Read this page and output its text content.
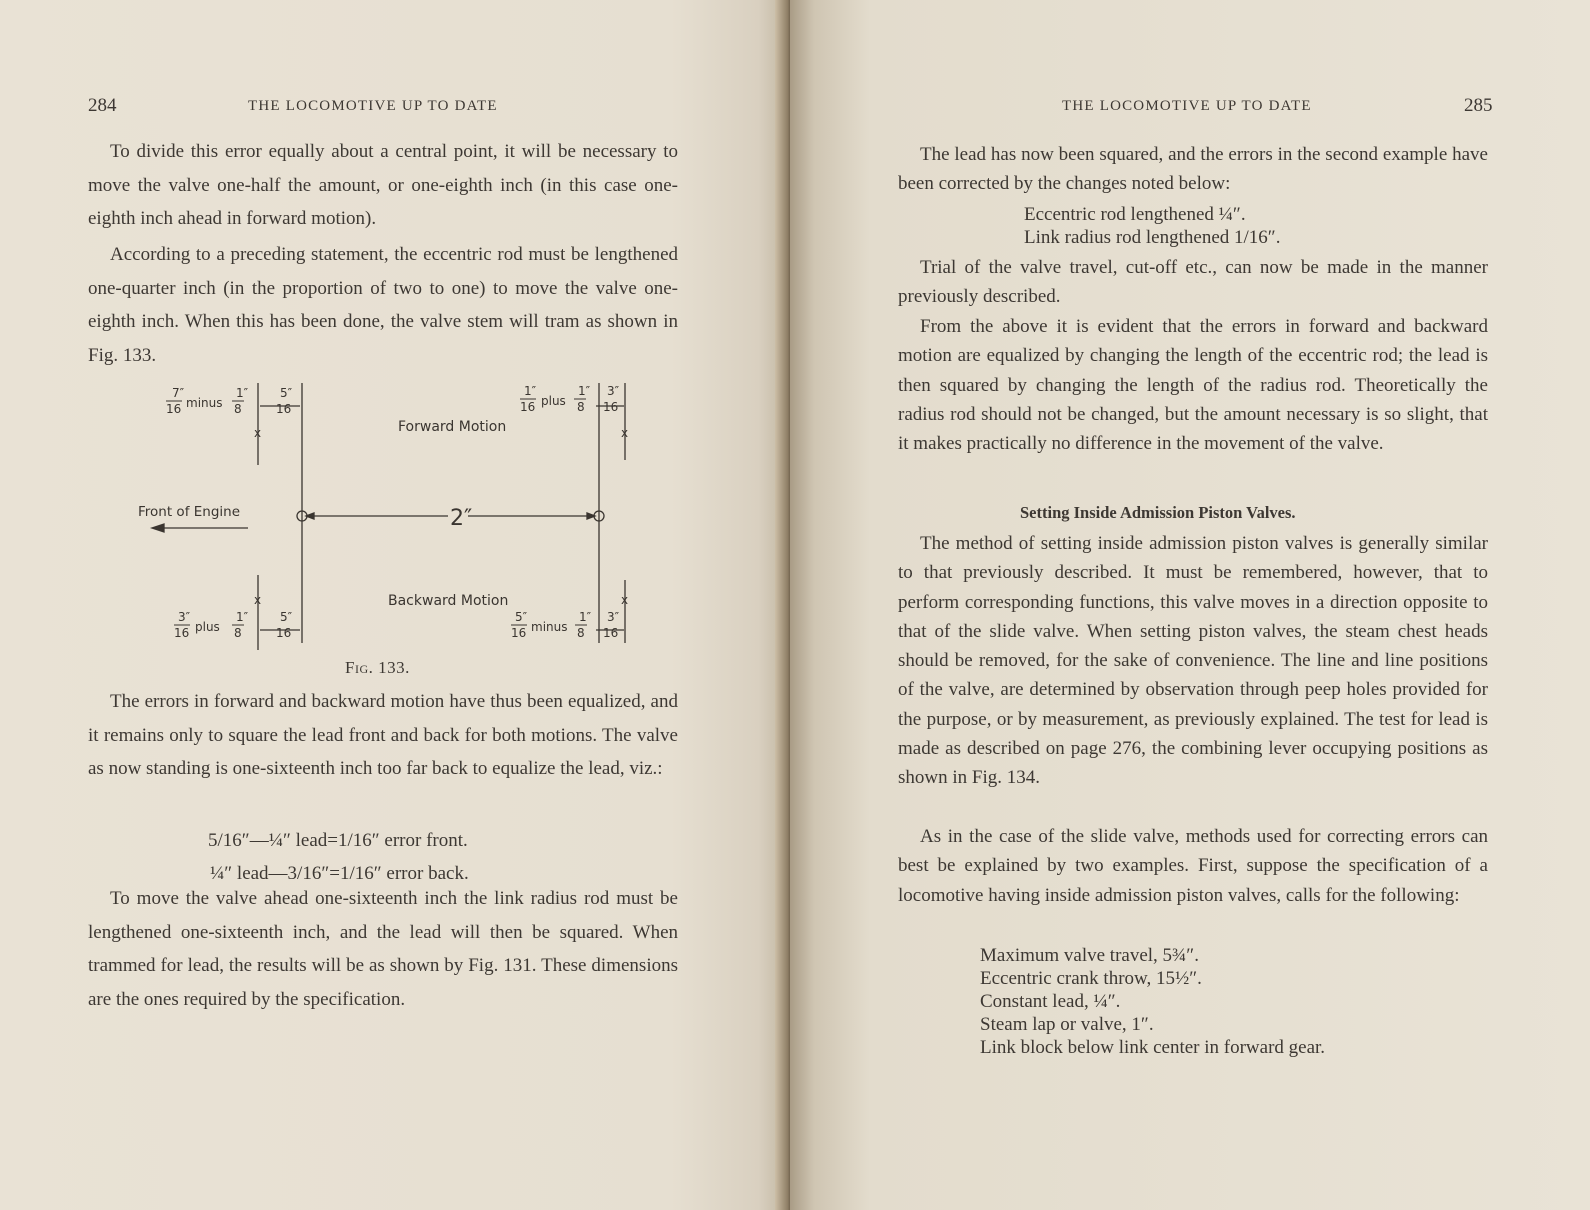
284	THE LOCOMOTIVE UP TO DATE

To divide this error equally about a central point, it will be necessary to move the valve one-half the amount, or one-eighth inch (in this case one-eighth inch ahead in forward motion).

According to a preceding statement, the eccentric rod must be lengthened one-quarter inch (in the proportion of two to one) to move the valve one-eighth inch. When this has been done, the valve stem will tram as shown in Fig. 133.

Forward Motion
Backward Motion
Front of Engine	2″
x	x
x	x
7″
16 minus
1″
8
5″
16
1″
16 plus
1″
8
3″
16
3″
16 plus
1″
8
5″
16
5″
16 minus
1″
8
3″
16
Fig. 133.

The errors in forward and backward motion have thus been equalized, and it remains only to square the lead front and back for both motions. The valve as now standing is one-sixteenth inch too far back to equalize the lead, viz.:

5/16″—¼″ lead=1/16″ error front.

¼″ lead—3/16″=1/16″ error back.

To move the valve ahead one-sixteenth inch the link radius rod must be lengthened one-sixteenth inch, and the lead will then be squared. When trammed for lead, the results will be as shown by Fig. 131. These dimensions are the ones required by the specification.

THE LOCOMOTIVE UP TO DATE	285

The lead has now been squared, and the errors in the second example have been corrected by the changes noted below:

Eccentric rod lengthened ¼″.
Link radius rod lengthened 1/16″.

Trial of the valve travel, cut-off etc., can now be made in the manner previously described.

From the above it is evident that the errors in forward and backward motion are equalized by changing the length of the eccentric rod; the lead is then squared by changing the length of the radius rod. Theoretically the radius rod should not be changed, but the amount necessary is so slight, that it makes practically no difference in the movement of the valve.

Setting Inside Admission Piston Valves.

The method of setting inside admission piston valves is generally similar to that previously described. It must be remembered, however, that to perform corresponding functions, this valve moves in a direction opposite to that of the slide valve. When setting piston valves, the steam chest heads should be removed, for the sake of convenience. The line and line positions of the valve, are determined by observation through peep holes provided for the purpose, or by measurement, as previously explained. The test for lead is made as described on page 276, the combining lever occupying positions as shown in Fig. 134.

As in the case of the slide valve, methods used for correcting errors can best be explained by two examples. First, suppose the specification of a locomotive having inside admission piston valves, calls for the following:

Maximum valve travel, 5¾″.
Eccentric crank throw, 15½″.
Constant lead, ¼″.
Steam lap or valve, 1″.
Link block below link center in forward gear.
